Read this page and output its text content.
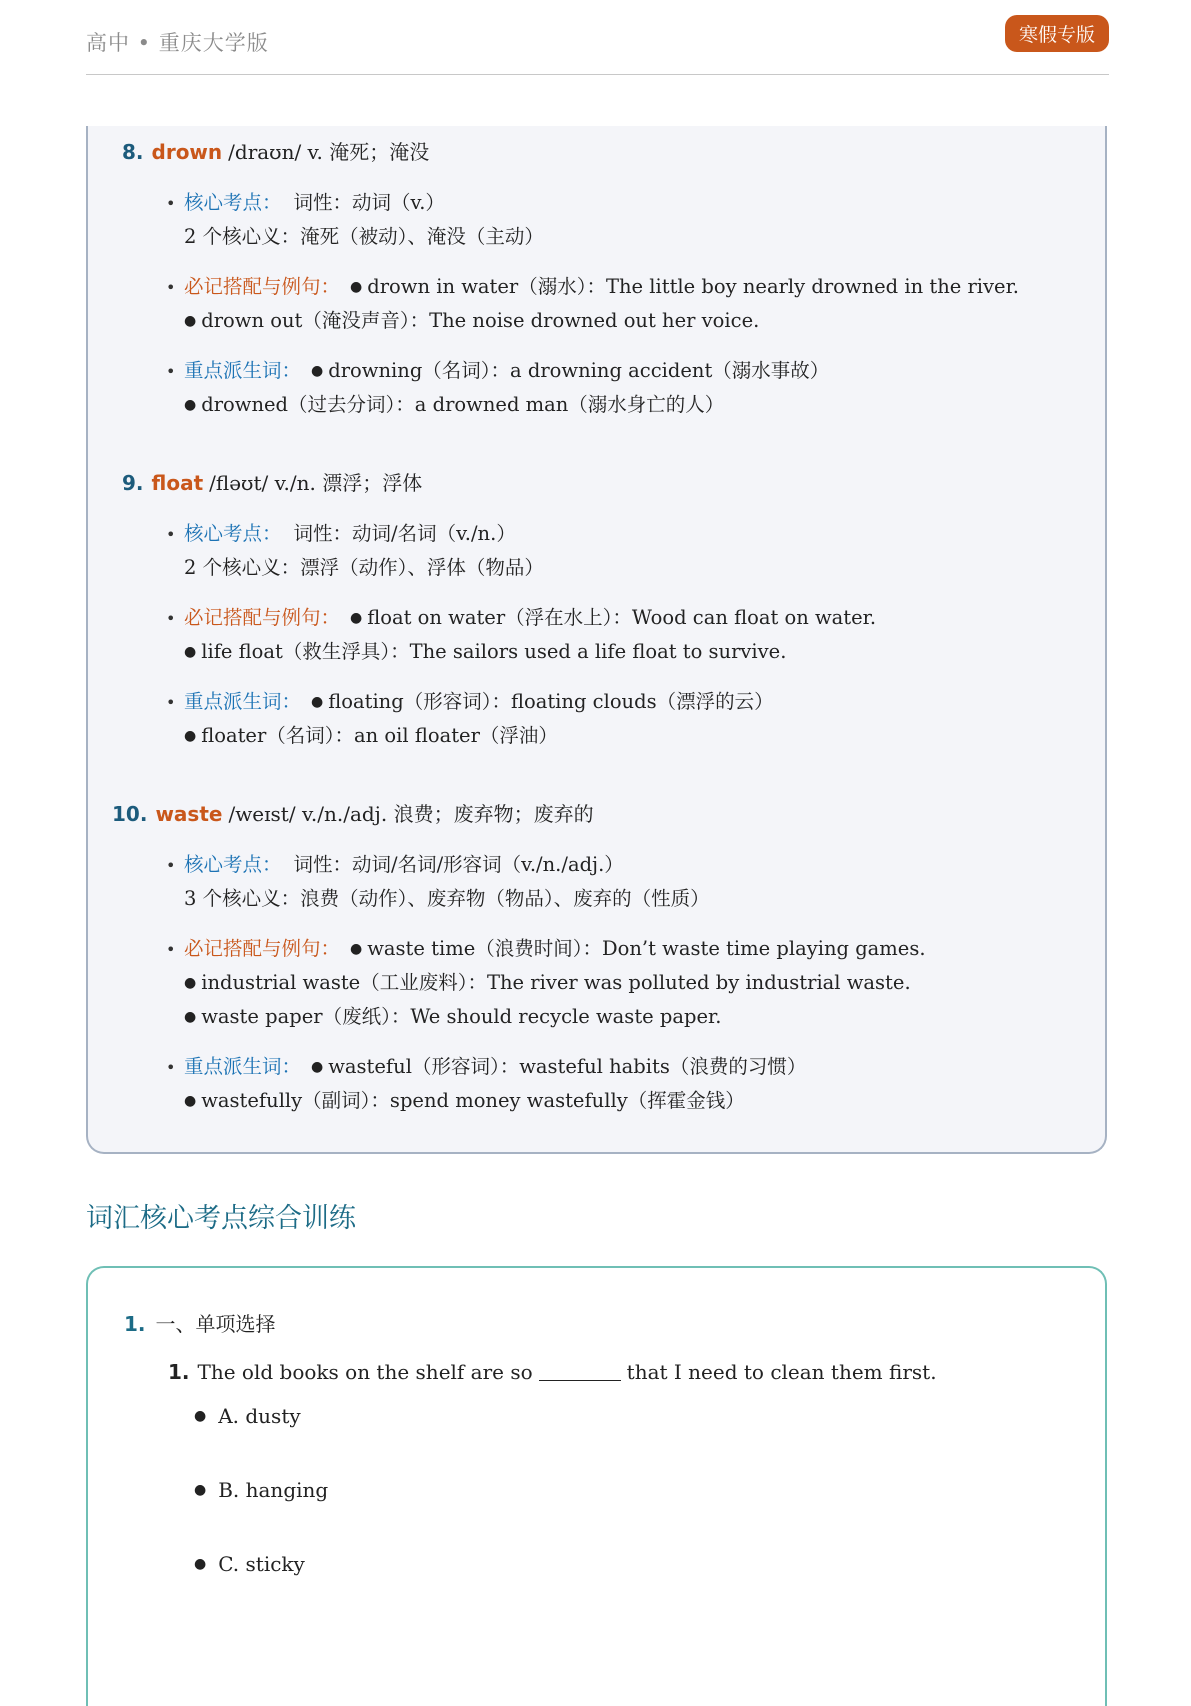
高中 • 重庆大学版	寒假专版
8. drown /draʊn/ v. 淹死；淹没
• 核心考点： 词性：动词（v.）
2 个核心义：淹死（被动）、淹没（主动）
• 必记搭配与例句： ● drown in water（溺水）：The little boy nearly drowned in the river.
● drown out（淹没声音）：The noise drowned out her voice.
• 重点派生词： ● drowning（名词）：a drowning accident（溺水事故）
● drowned（过去分词）：a drowned man（溺水身亡的人）
9. float /fləʊt/ v./n. 漂浮；浮体
• 核心考点： 词性：动词/名词（v./n.）
2 个核心义：漂浮（动作）、浮体（物品）
• 必记搭配与例句： ● float on water（浮在水上）：Wood can float on water.
● life float（救生浮具）：The sailors used a life float to survive.
• 重点派生词： ● floating（形容词）：floating clouds（漂浮的云）
● floater（名词）：an oil floater（浮油）
10. waste /weɪst/ v./n./adj. 浪费；废弃物；废弃的
• 核心考点： 词性：动词/名词/形容词（v./n./adj.）
3 个核心义：浪费（动作）、废弃物（物品）、废弃的（性质）
• 必记搭配与例句： ● waste time（浪费时间）：Don’t waste time playing games.
● industrial waste（工业废料）：The river was polluted by industrial waste.
● waste paper（废纸）：We should recycle waste paper.
• 重点派生词： ● wasteful（形容词）：wasteful habits（浪费的习惯）
● wastefully（副词）：spend money wastefully（挥霍金钱）
词汇核心考点综合训练
1. 一、单项选择
1. The old books on the shelf are so	that I need to clean them first.
● A. dusty
● B. hanging
● C. sticky
